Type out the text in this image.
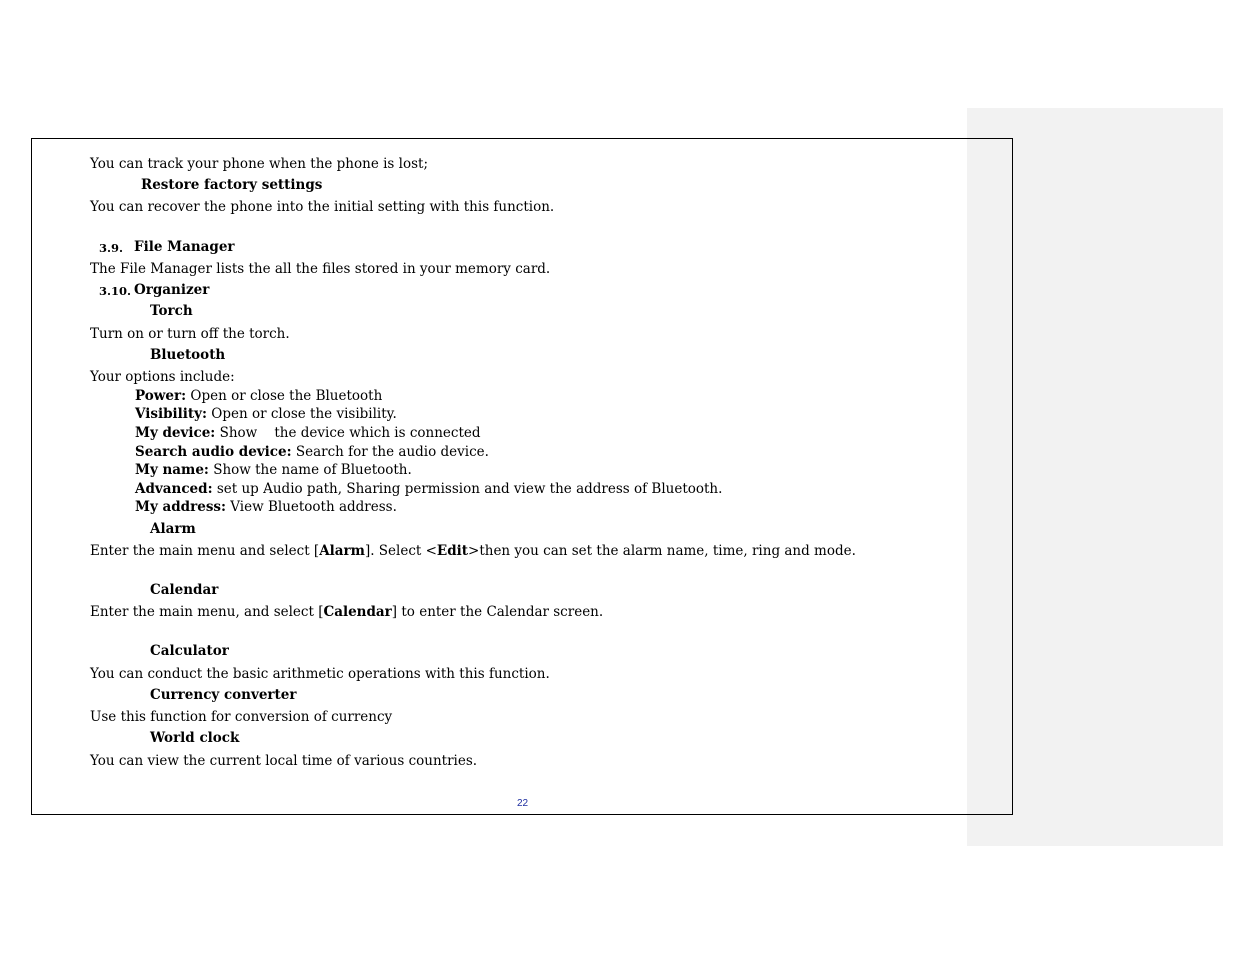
You can track your phone when the phone is lost;
Restore factory settings
You can recover the phone into the initial setting with this function.
3.9. File Manager
The File Manager lists the all the files stored in your memory card.
3.10. Organizer
Torch
Turn on or turn off the torch.
Bluetooth
Your options include:
Power: Open or close the Bluetooth
Visibility: Open or close the visibility.
My device: Show    the device which is connected
Search audio device: Search for the audio device.
My name: Show the name of Bluetooth.
Advanced: set up Audio path, Sharing permission and view the address of Bluetooth.
My address: View Bluetooth address.
Alarm
Enter the main menu and select [Alarm]. Select <Edit>then you can set the alarm name, time, ring and mode.
Calendar
Enter the main menu, and select [Calendar] to enter the Calendar screen.
Calculator
You can conduct the basic arithmetic operations with this function.
Currency converter
Use this function for conversion of currency
World clock
You can view the current local time of various countries.
22
